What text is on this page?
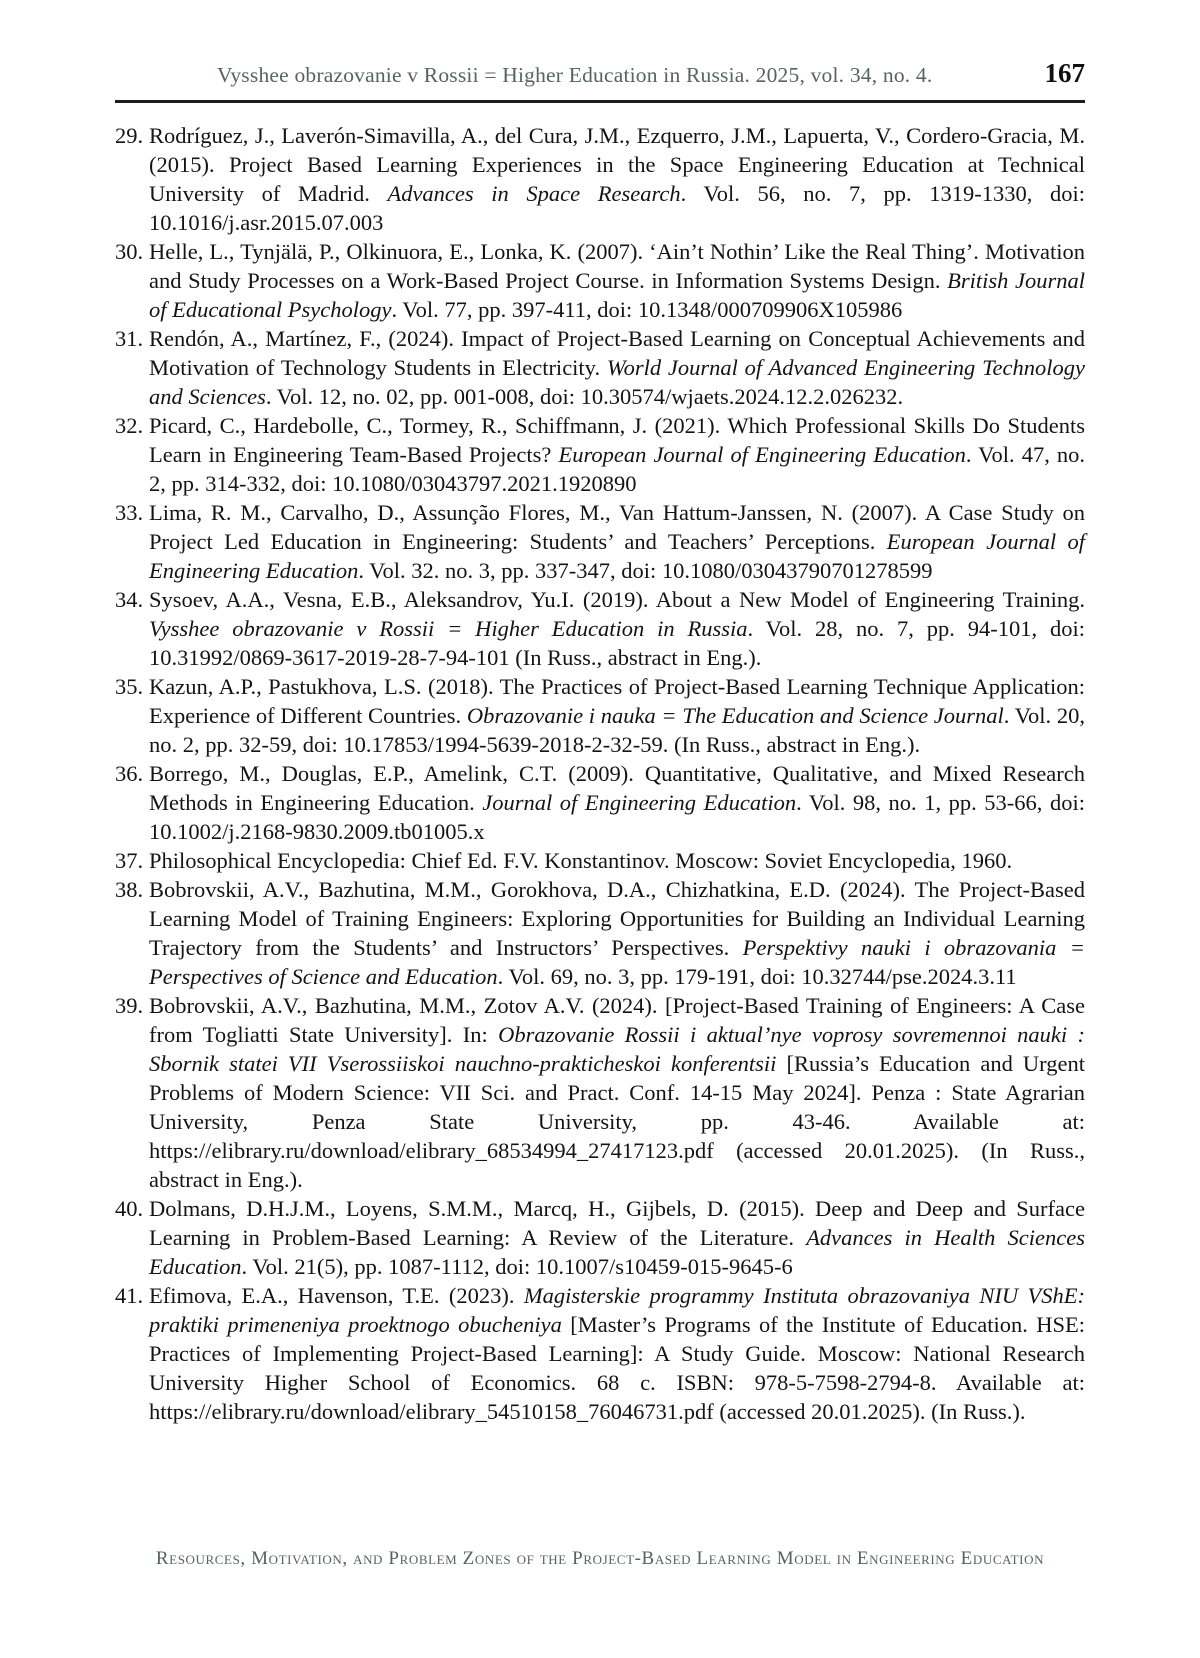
Vysshee obrazovanie v Rossii = Higher Education in Russia. 2025, vol. 34, no. 4.	167
29. Rodríguez, J., Laverón-Simavilla, A., del Cura, J.M., Ezquerro, J.M., Lapuerta, V., Cordero-Gracia, M. (2015). Project Based Learning Experiences in the Space Engineering Education at Technical University of Madrid. Advances in Space Research. Vol. 56, no. 7, pp. 1319-1330, doi: 10.1016/j.asr.2015.07.003
30. Helle, L., Tynjälä, P., Olkinuora, E., Lonka, K. (2007). ‘Ain’t Nothin’ Like the Real Thing’. Motivation and Study Processes on a Work-Based Project Course. in Information Systems Design. British Journal of Educational Psychology. Vol. 77, pp. 397-411, doi: 10.1348/000709906X105986
31. Rendón, A., Martínez, F., (2024). Impact of Project-Based Learning on Conceptual Achievements and Motivation of Technology Students in Electricity. World Journal of Advanced Engineering Technology and Sciences. Vol. 12, no. 02, pp. 001-008, doi: 10.30574/wjaets.2024.12.2.026232.
32. Picard, C., Hardebolle, C., Tormey, R., Schiffmann, J. (2021). Which Professional Skills Do Students Learn in Engineering Team-Based Projects? European Journal of Engineering Education. Vol. 47, no. 2, pp. 314-332, doi: 10.1080/03043797.2021.1920890
33. Lima, R. M., Carvalho, D., Assunção Flores, M., Van Hattum-Janssen, N. (2007). A Case Study on Project Led Education in Engineering: Students’ and Teachers’ Perceptions. European Journal of Engineering Education. Vol. 32. no. 3, pp. 337-347, doi: 10.1080/03043790701278599
34. Sysoev, A.A., Vesna, E.B., Aleksandrov, Yu.I. (2019). About a New Model of Engineering Training. Vysshee obrazovanie v Rossii = Higher Education in Russia. Vol. 28, no. 7, pp. 94-101, doi: 10.31992/0869-3617-2019-28-7-94-101 (In Russ., abstract in Eng.).
35. Kazun, A.P., Pastukhova, L.S. (2018). The Practices of Project-Based Learning Technique Application: Experience of Different Countries. Obrazovanie i nauka = The Education and Science Journal. Vol. 20, no. 2, pp. 32-59, doi: 10.17853/1994-5639-2018-2-32-59. (In Russ., abstract in Eng.).
36. Borrego, M., Douglas, E.P., Amelink, C.T. (2009). Quantitative, Qualitative, and Mixed Research Methods in Engineering Education. Journal of Engineering Education. Vol. 98, no. 1, pp. 53-66, doi: 10.1002/j.2168-9830.2009.tb01005.x
37. Philosophical Encyclopedia: Chief Ed. F.V. Konstantinov. Moscow: Soviet Encyclopedia, 1960.
38. Bobrovskii, A.V., Bazhutina, M.M., Gorokhova, D.A., Chizhatkina, E.D. (2024). The Project-Based Learning Model of Training Engineers: Exploring Opportunities for Building an Individual Learning Trajectory from the Students’ and Instructors’ Perspectives. Perspektivy nauki i obrazovania = Perspectives of Science and Education. Vol. 69, no. 3, pp. 179-191, doi: 10.32744/pse.2024.3.11
39. Bobrovskii, A.V., Bazhutina, M.M., Zotov A.V. (2024). [Project-Based Training of Engineers: A Case from Togliatti State University]. In: Obrazovanie Rossii i aktual’nye voprosy sovremennoi nauki : Sbornik statei VII Vserossiiskoi nauchno-prakticheskoi konferentsii [Russia’s Education and Urgent Problems of Modern Science: VII Sci. and Pract. Conf. 14-15 May 2024]. Penza : State Agrarian University, Penza State University, pp. 43-46. Available at: https://elibrary.ru/download/elibrary_68534994_27417123.pdf (accessed 20.01.2025). (In Russ., abstract in Eng.).
40. Dolmans, D.H.J.M., Loyens, S.M.M., Marcq, H., Gijbels, D. (2015). Deep and Deep and Surface Learning in Problem-Based Learning: A Review of the Literature. Advances in Health Sciences Education. Vol. 21(5), pp. 1087-1112, doi: 10.1007/s10459-015-9645-6
41. Efimova, E.A., Havenson, T.E. (2023). Magisterskie programmy Instituta obrazovaniya NIU VShE: praktiki primeneniya proektnogo obucheniya [Master’s Programs of the Institute of Education. HSE: Practices of Implementing Project-Based Learning]: A Study Guide. Moscow: National Research University Higher School of Economics. 68 c. ISBN: 978-5-7598-2794-8. Available at: https://elibrary.ru/download/elibrary_54510158_76046731.pdf (accessed 20.01.2025). (In Russ.).
Resources, Motivation, and Problem Zones of the Project-Based Learning Model in Engineering Education
